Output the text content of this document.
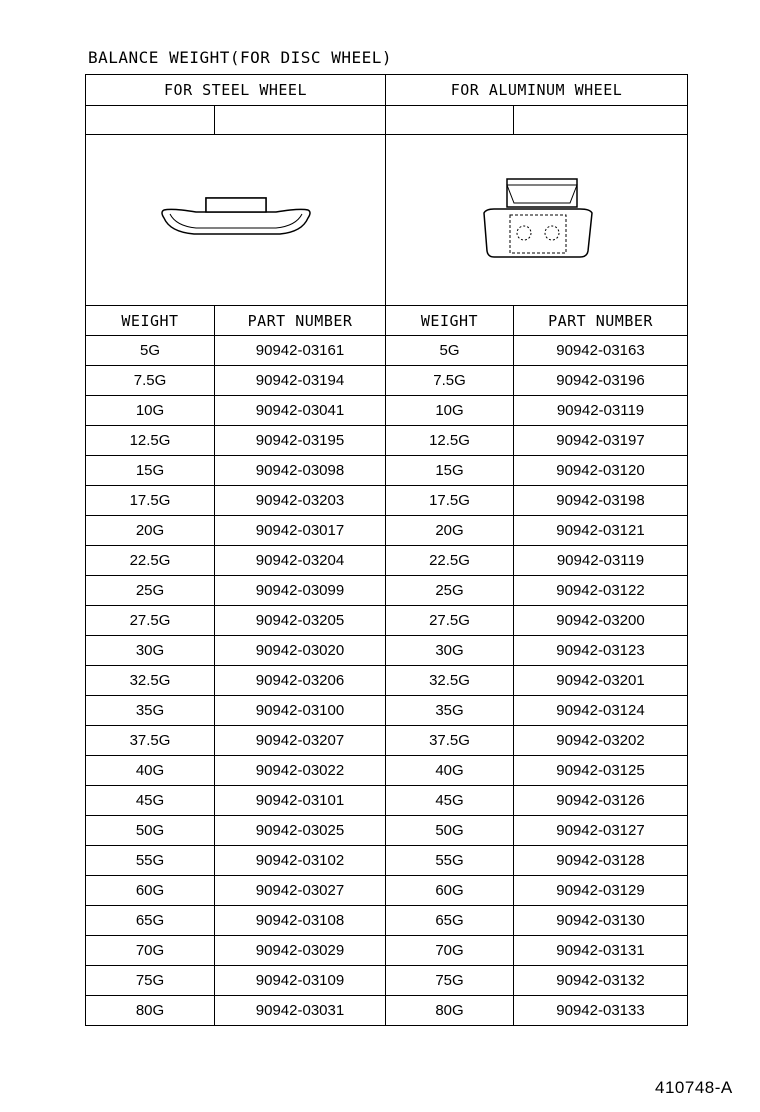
BALANCE WEIGHT(FOR DISC WHEEL)
FOR STEEL WHEEL		FOR ALUMINUM WHEEL	

WEIGHT	PART NUMBER	WEIGHT	PART NUMBER
5G	90942-03161	5G	90942-03163
7.5G	90942-03194	7.5G	90942-03196
10G	90942-03041	10G	90942-03119
12.5G	90942-03195	12.5G	90942-03197
15G	90942-03098	15G	90942-03120
17.5G	90942-03203	17.5G	90942-03198
20G	90942-03017	20G	90942-03121
22.5G	90942-03204	22.5G	90942-03119
25G	90942-03099	25G	90942-03122
27.5G	90942-03205	27.5G	90942-03200
30G	90942-03020	30G	90942-03123
32.5G	90942-03206	32.5G	90942-03201
35G	90942-03100	35G	90942-03124
37.5G	90942-03207	37.5G	90942-03202
40G	90942-03022	40G	90942-03125
45G	90942-03101	45G	90942-03126
50G	90942-03025	50G	90942-03127
55G	90942-03102	55G	90942-03128
60G	90942-03027	60G	90942-03129
65G	90942-03108	65G	90942-03130
70G	90942-03029	70G	90942-03131
75G	90942-03109	75G	90942-03132
80G	90942-03031	80G	90942-03133
410748-A
